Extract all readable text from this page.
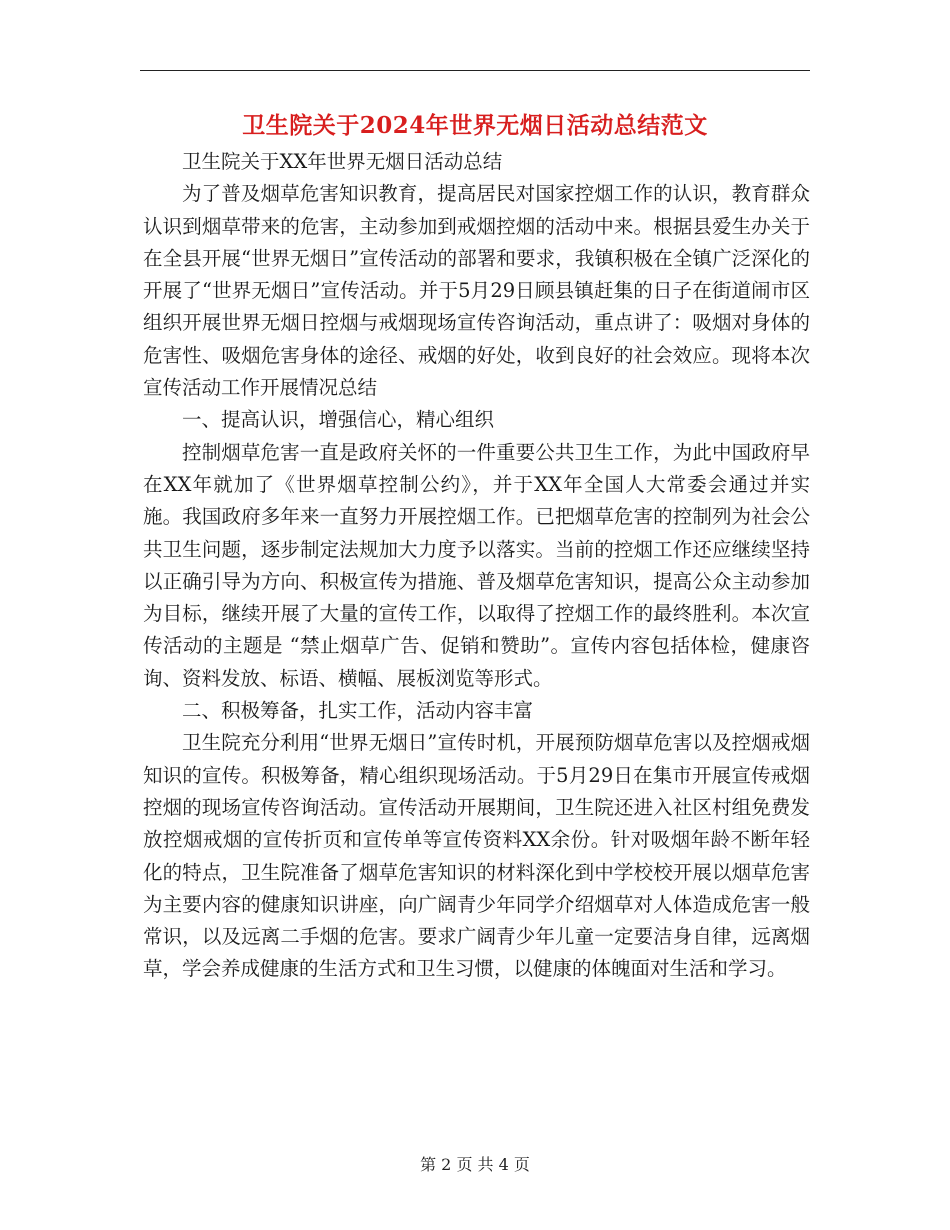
卫生院关于2024年世界无烟日活动总结范文

卫生院关于XX年世界无烟日活动总结

为了普及烟草危害知识教育，提高居民对国家控烟工作的认识，教育群众认识到烟草带来的危害，主动参加到戒烟控烟的活动中来。根据县爱生办关于在全县开展“世界无烟日”宣传活动的部署和要求，我镇积极在全镇广泛深化的开展了“世界无烟日”宣传活动。并于5月29日顾县镇赶集的日子在街道闹市区组织开展世界无烟日控烟与戒烟现场宣传咨询活动，重点讲了：吸烟对身体的危害性、吸烟危害身体的途径、戒烟的好处，收到良好的社会效应。现将本次宣传活动工作开展情况总结

一、提高认识，增强信心，精心组织

控制烟草危害一直是政府关怀的一件重要公共卫生工作，为此中国政府早在XX年就加了《世界烟草控制公约》，并于XX年全国人大常委会通过并实施。我国政府多年来一直努力开展控烟工作。已把烟草危害的控制列为社会公共卫生问题，逐步制定法规加大力度予以落实。当前的控烟工作还应继续坚持以正确引导为方向、积极宣传为措施、普及烟草危害知识，提高公众主动参加为目标，继续开展了大量的宣传工作，以取得了控烟工作的最终胜利。本次宣传活动的主题是 “禁止烟草广告、促销和赞助”。宣传内容包括体检，健康咨询、资料发放、标语、横幅、展板浏览等形式。

二、积极筹备，扎实工作，活动内容丰富

卫生院充分利用“世界无烟日”宣传时机，开展预防烟草危害以及控烟戒烟知识的宣传。积极筹备，精心组织现场活动。于5月29日在集市开展宣传戒烟控烟的现场宣传咨询活动。宣传活动开展期间，卫生院还进入社区村组免费发放控烟戒烟的宣传折页和宣传单等宣传资料XX余份。针对吸烟年龄不断年轻化的特点，卫生院准备了烟草危害知识的材料深化到中学校校开展以烟草危害为主要内容的健康知识讲座，向广阔青少年同学介绍烟草对人体造成危害一般常识，以及远离二手烟的危害。要求广阔青少年儿童一定要洁身自律，远离烟草，学会养成健康的生活方式和卫生习惯，以健康的体魄面对生活和学习。

第 2 页 共 4 页
